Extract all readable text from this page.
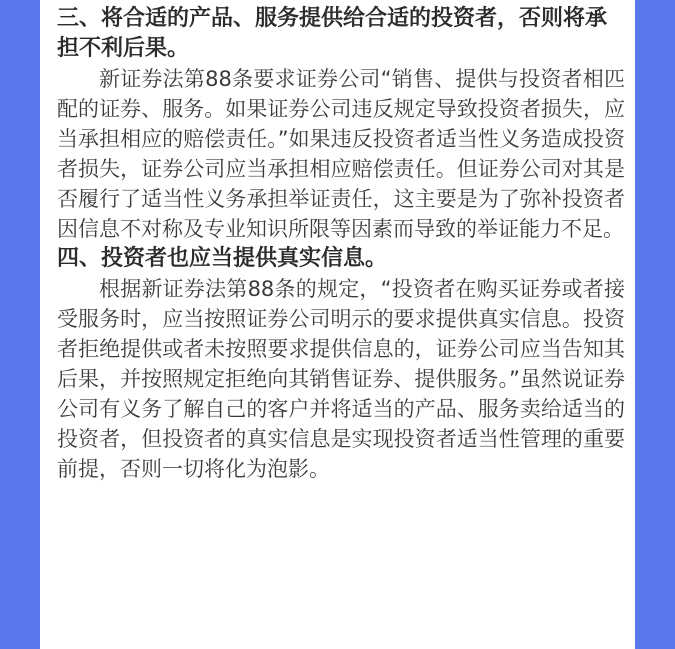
三、将合适的产品、服务提供给合适的投资者，否则将承担不利后果。

新证券法第88条要求证券公司“销售、提供与投资者相匹配的证券、服务。如果证券公司违反规定导致投资者损失，应当承担相应的赔偿责任。”如果违反投资者适当性义务造成投资者损失，证券公司应当承担相应赔偿责任。但证券公司对其是否履行了适当性义务承担举证责任，这主要是为了弥补投资者因信息不对称及专业知识所限等因素而导致的举证能力不足。

四、投资者也应当提供真实信息。

根据新证券法第88条的规定，“投资者在购买证券或者接受服务时，应当按照证券公司明示的要求提供真实信息。投资者拒绝提供或者未按照要求提供信息的，证券公司应当告知其后果，并按照规定拒绝向其销售证券、提供服务。”虽然说证券公司有义务了解自己的客户并将适当的产品、服务卖给适当的投资者，但投资者的真实信息是实现投资者适当性管理的重要前提，否则一切将化为泡影。
